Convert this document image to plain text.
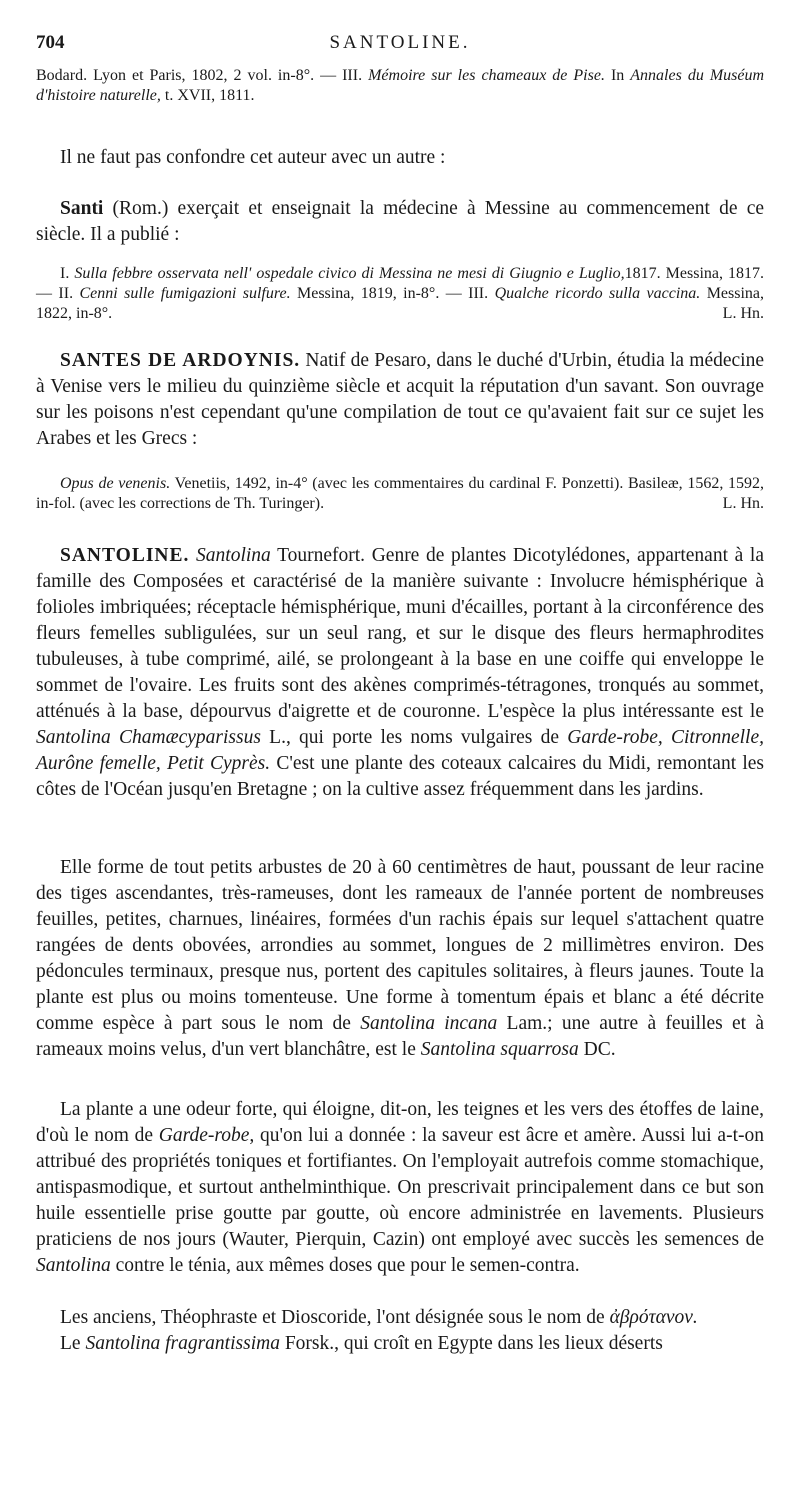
704	SANTOLINE.
Bodard. Lyon et Paris, 1802, 2 vol. in-8°. — III. Mémoire sur les chameaux de Pise. In Annales du Muséum d'histoire naturelle, t. XVII, 1811.
Il ne faut pas confondre cet auteur avec un autre :
Santi (Rom.) exerçait et enseignait la médecine à Messine au commencement de ce siècle. Il a publié :
I. Sulla febbre osservata nell' ospedale civico di Messina ne mesi di Giugnio e Luglio,1817. Messina, 1817. — II. Cenni sulle fumigazioni sulfure. Messina, 1819, in-8°. — III. Qualche ricordo sulla vaccina. Messina, 1822, in-8°.	L. Hn.
SANTES DE ARDOYNIS. Natif de Pesaro, dans le duché d'Urbin, étudia la médecine à Venise vers le milieu du quinzième siècle et acquit la réputation d'un savant. Son ouvrage sur les poisons n'est cependant qu'une compilation de tout ce qu'avaient fait sur ce sujet les Arabes et les Grecs :
Opus de venenis. Venetiis, 1492, in-4° (avec les commentaires du cardinal F. Ponzetti). Basileæ, 1562, 1592, in-fol. (avec les corrections de Th. Turinger).	L. Hn.
SANTOLINE. Santolina Tournefort. Genre de plantes Dicotylédones, appartenant à la famille des Composées et caractérisé de la manière suivante : Involucre hémisphérique à folioles imbriquées; réceptacle hémisphérique, muni d'écailles, portant à la circonférence des fleurs femelles subligulées, sur un seul rang, et sur le disque des fleurs hermaphrodites tubuleuses, à tube comprimé, ailé, se prolongeant à la base en une coiffe qui enveloppe le sommet de l'ovaire. Les fruits sont des akènes comprimés-tétragones, tronqués au sommet, atténués à la base, dépourvus d'aigrette et de couronne. L'espèce la plus intéressante est le Santolina Chamæcyparissus L., qui porte les noms vulgaires de Garde-robe, Citronnelle, Aurône femelle, Petit Cyprès. C'est une plante des coteaux calcaires du Midi, remontant les côtes de l'Océan jusqu'en Bretagne ; on la cultive assez fréquemment dans les jardins.
Elle forme de tout petits arbustes de 20 à 60 centimètres de haut, poussant de leur racine des tiges ascendantes, très-rameuses, dont les rameaux de l'année portent de nombreuses feuilles, petites, charnues, linéaires, formées d'un rachis épais sur lequel s'attachent quatre rangées de dents obovées, arrondies au sommet, longues de 2 millimètres environ. Des pédoncules terminaux, presque nus, portent des capitules solitaires, à fleurs jaunes. Toute la plante est plus ou moins tomenteuse. Une forme à tomentum épais et blanc a été décrite comme espèce à part sous le nom de Santolina incana Lam.; une autre à feuilles et à rameaux moins velus, d'un vert blanchâtre, est le Santolina squarrosa DC.
La plante a une odeur forte, qui éloigne, dit-on, les teignes et les vers des étoffes de laine, d'où le nom de Garde-robe, qu'on lui a donnée : la saveur est âcre et amère. Aussi lui a-t-on attribué des propriétés toniques et fortifiantes. On l'employait autrefois comme stomachique, antispasmodique, et surtout anthelminthique. On prescrivait principalement dans ce but son huile essentielle prise goutte par goutte, où encore administrée en lavements. Plusieurs praticiens de nos jours (Wauter, Pierquin, Cazin) ont employé avec succès les semences de Santolina contre le ténia, aux mêmes doses que pour le semen-contra.
Les anciens, Théophraste et Dioscoride, l'ont désignée sous le nom de ἀβρότανον.
Le Santolina fragrantissima Forsk., qui croît en Egypte dans les lieux déserts
